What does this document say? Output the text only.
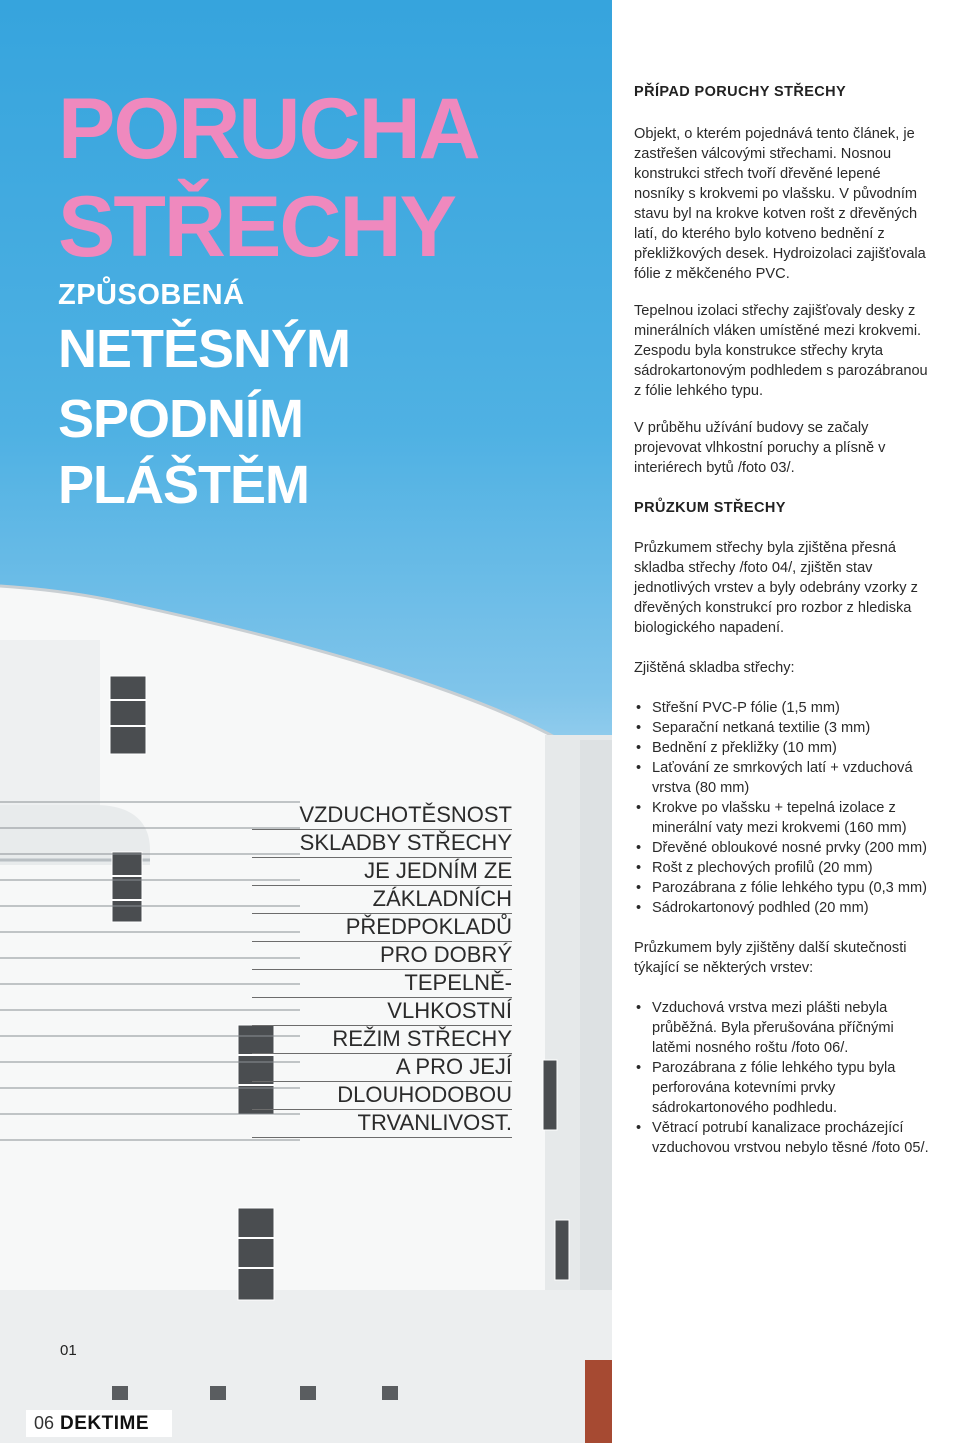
PORUCHA
STŘECHY
ZPŮSOBENÁ
NETĚSNÝM
SPODNÍM
PLÁŠTĚM
VZDUCHOTĚSNOST
SKLADBY STŘECHY
JE JEDNÍM ZE
ZÁKLADNÍCH
PŘEDPOKLADŮ
PRO DOBRÝ
TEPELNĚ-
VLHKOSTNÍ
REŽIM STŘECHY
A PRO JEJÍ
DLOUHODOBOU
TRVANLIVOST.
01
06 DEKTIME
PŘÍPAD PORUCHY STŘECHY

Objekt, o kterém pojednává tento článek, je zastřešen válcovými střechami. Nosnou konstrukci střech tvoří dřevěné lepené nosníky s krokvemi po vlašsku. V původním stavu byl na krokve kotven rošt z dřevěných latí, do kterého bylo kotveno bednění z překližkových desek. Hydroizolaci zajišťovala fólie z měkčeného PVC.

Tepelnou izolaci střechy zajišťovaly desky z minerálních vláken umístěné mezi krokvemi. Zespodu byla konstrukce střechy kryta sádrokartonovým podhledem s parozábranou z fólie lehkého typu.

V průběhu užívání budovy se začaly projevovat vlhkostní poruchy a plísně v interiérech bytů /foto 03/.

PRŮZKUM STŘECHY

Průzkumem střechy byla zjištěna přesná skladba střechy /foto 04/, zjištěn stav jednotlivých vrstev a byly odebrány vzorky z dřevěných konstrukcí pro rozbor z hlediska biologického napadení.

Zjištěná skladba střechy:

• Střešní PVC-P fólie (1,5 mm)
• Separační netkaná textilie (3 mm)
• Bednění z překližky (10 mm)
• Laťování ze smrkových latí + vzduchová vrstva (80 mm)
• Krokve po vlašsku + tepelná izolace z minerální vaty mezi krokvemi (160 mm)
• Dřevěné obloukové nosné prvky (200 mm)
• Rošt z plechových profilů (20 mm)
• Parozábrana z fólie lehkého typu (0,3 mm)
• Sádrokartonový podhled (20 mm)

Průzkumem byly zjištěny další skutečnosti týkající se některých vrstev:

• Vzduchová vrstva mezi plášti nebyla průběžná. Byla přerušována příčnými latěmi nosného roštu /foto 06/.
• Parozábrana z fólie lehkého typu byla perforována kotevními prvky sádrokartonového podhledu.
• Větrací potrubí kanalizace procházející vzduchovou vrstvou nebylo těsné /foto 05/.
